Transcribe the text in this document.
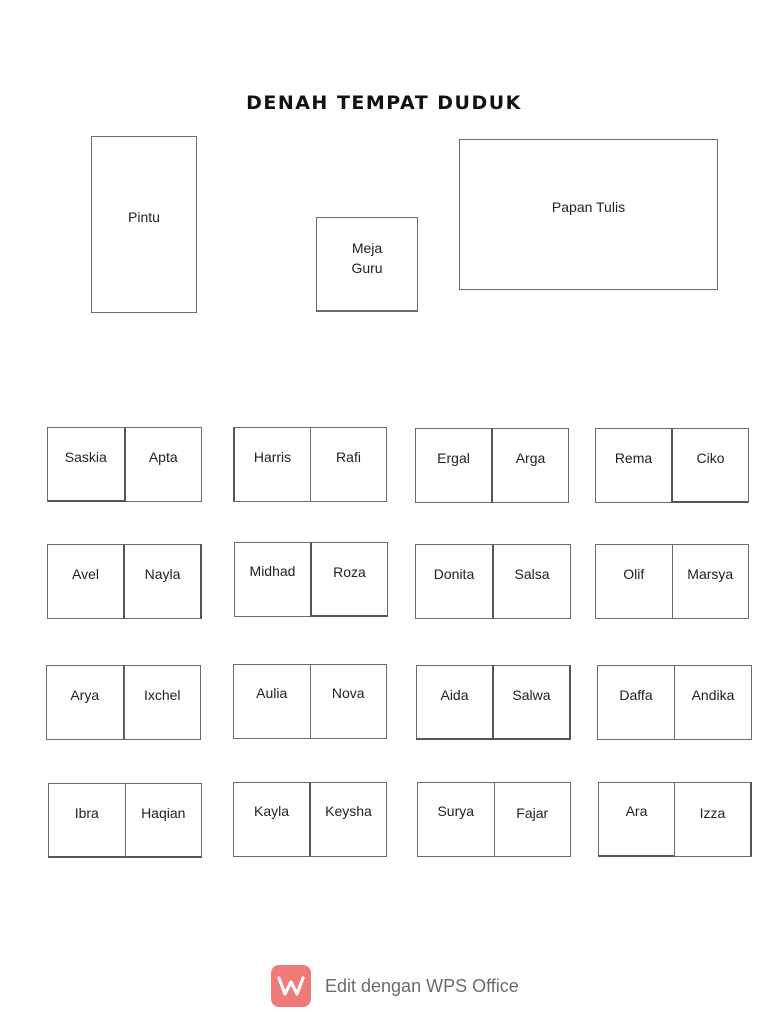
DENAH TEMPAT DUDUK
Pintu
Meja
Guru
Papan Tulis
Saskia	Apta	Harris	Rafi	Ergal	Arga	Rema	Ciko
Avel	Nayla	Midhad	Roza	Donita	Salsa	Olif	Marsya
Arya	Ixchel	Aulia	Nova	Aida	Salwa	Daffa	Andika
Ibra	Haqian	Kayla	Keysha	Surya	Fajar	Ara	Izza
Edit dengan WPS Office
